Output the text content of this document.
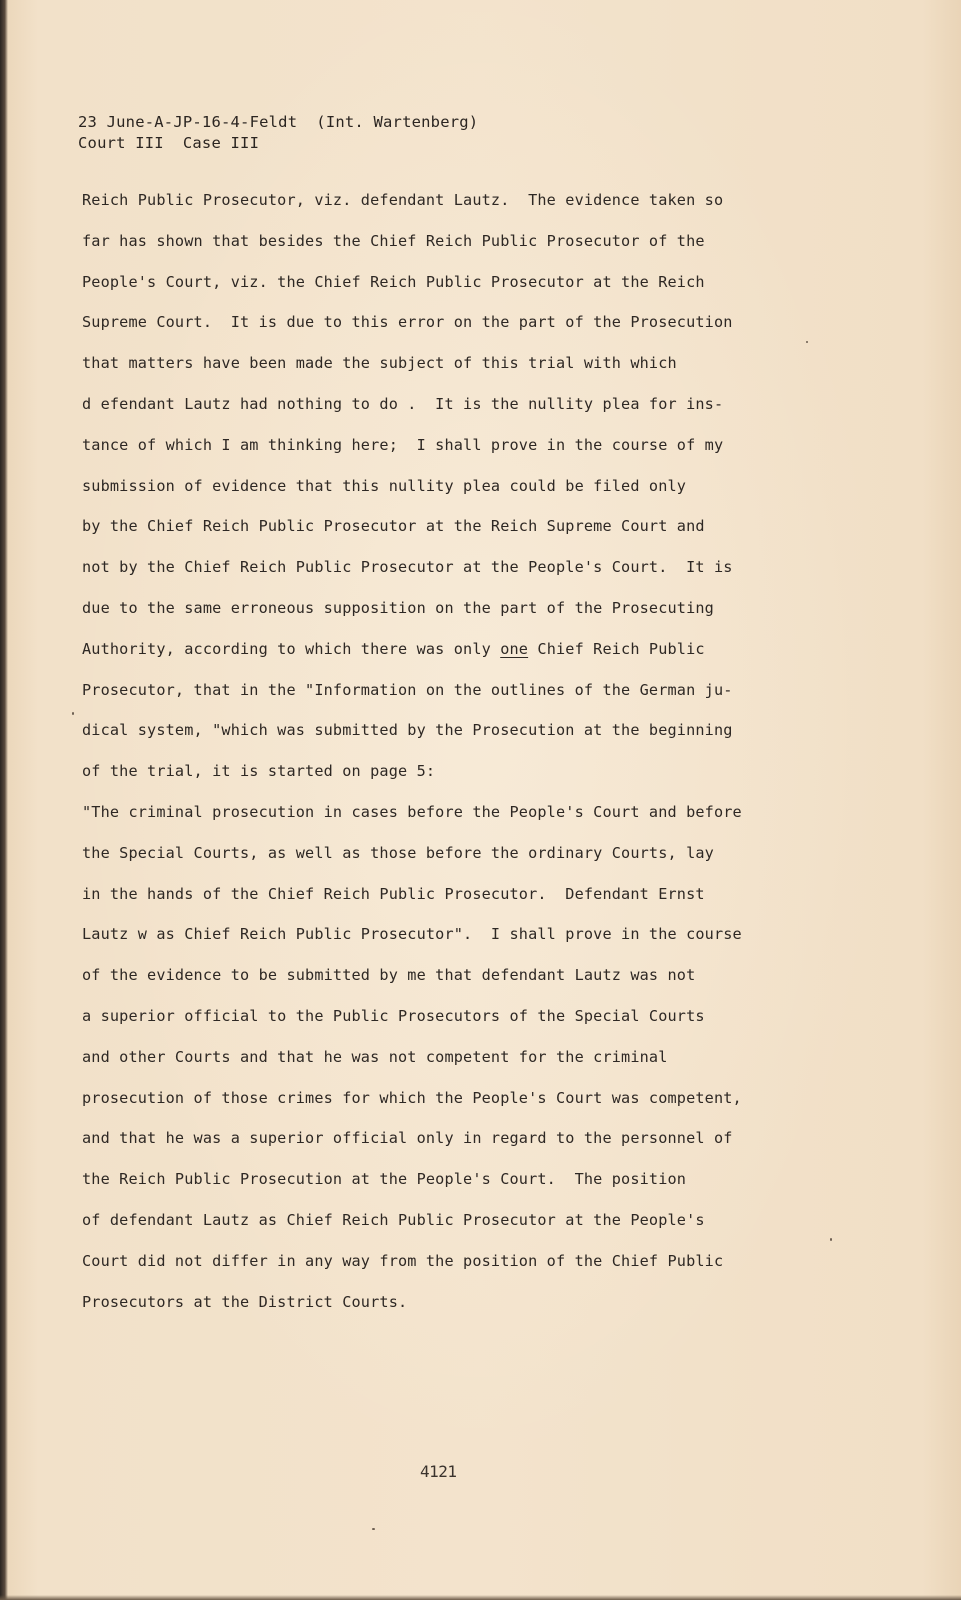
23 June-A-JP-16-4-Feldt  (Int. Wartenberg)
Court III  Case III
Reich Public Prosecutor, viz. defendant Lautz.  The evidence taken so
far has shown that besides the Chief Reich Public Prosecutor of the
People's Court, viz. the Chief Reich Public Prosecutor at the Reich
Supreme Court.  It is due to this error on the part of the Prosecution
that matters have been made the subject of this trial with which
d efendant Lautz had nothing to do .  It is the nullity plea for ins-
tance of which I am thinking here;  I shall prove in the course of my
submission of evidence that this nullity plea could be filed only
by the Chief Reich Public Prosecutor at the Reich Supreme Court and
not by the Chief Reich Public Prosecutor at the People's Court.  It is
due to the same erroneous supposition on the part of the Prosecuting
Authority, according to which there was only one Chief Reich Public
Prosecutor, that in the "Information on the outlines of the German ju-
dical system, "which was submitted by the Prosecution at the beginning
of the trial, it is started on page 5:
"The criminal prosecution in cases before the People's Court and before
the Special Courts, as well as those before the ordinary Courts, lay
in the hands of the Chief Reich Public Prosecutor.  Defendant Ernst
Lautz w as Chief Reich Public Prosecutor".  I shall prove in the course
of the evidence to be submitted by me that defendant Lautz was not
a superior official to the Public Prosecutors of the Special Courts
and other Courts and that he was not competent for the criminal
prosecution of those crimes for which the People's Court was competent,
and that he was a superior official only in regard to the personnel of
the Reich Public Prosecution at the People's Court.  The position
of defendant Lautz as Chief Reich Public Prosecutor at the People's
Court did not differ in any way from the position of the Chief Public
Prosecutors at the District Courts.
4121
